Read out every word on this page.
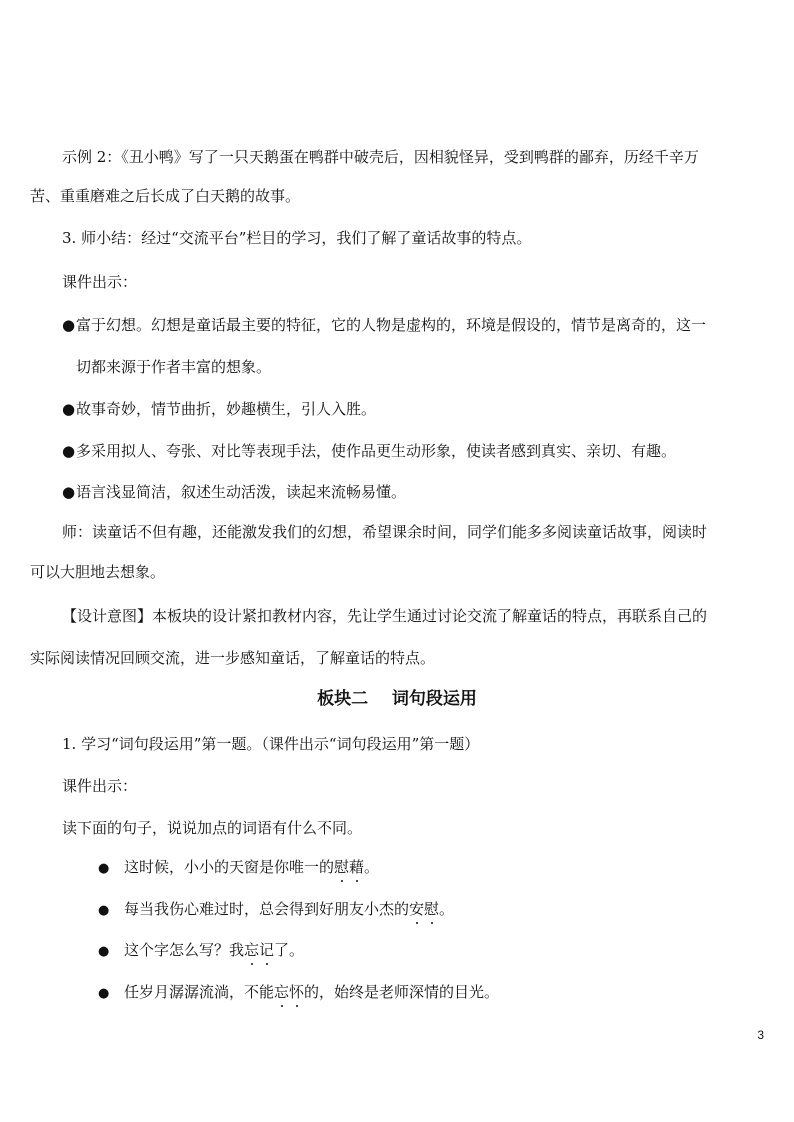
示例 2：《丑小鸭》写了一只天鹅蛋在鸭群中破壳后，因相貌怪异，受到鸭群的鄙弃，历经千辛万
苦、重重磨难之后长成了白天鹅的故事。
3. 师小结：经过“交流平台”栏目的学习，我们了解了童话故事的特点。
课件出示：
●富于幻想。幻想是童话最主要的特征，它的人物是虚构的，环境是假设的，情节是离奇的，这一
切都来源于作者丰富的想象。
●故事奇妙，情节曲折，妙趣横生，引人入胜。
●多采用拟人、夸张、对比等表现手法，使作品更生动形象，使读者感到真实、亲切、有趣。
●语言浅显简洁，叙述生动活泼，读起来流畅易懂。
师：读童话不但有趣，还能激发我们的幻想，希望课余时间，同学们能多多阅读童话故事，阅读时
可以大胆地去想象。
【设计意图】本板块的设计紧扣教材内容，先让学生通过讨论交流了解童话的特点，再联系自己的
实际阅读情况回顾交流，进一步感知童话，了解童话的特点。
板块二    词句段运用
1. 学习“词句段运用”第一题。（课件出示“词句段运用”第一题）
课件出示：
读下面的句子，说说加点的词语有什么不同。
● 这时候，小小的天窗是你唯一的慰藉。
● 每当我伤心难过时，总会得到好朋友小杰的安慰。
● 这个字怎么写？我忘记了。
● 任岁月潺潺流淌，不能忘怀的，始终是老师深情的目光。
3
